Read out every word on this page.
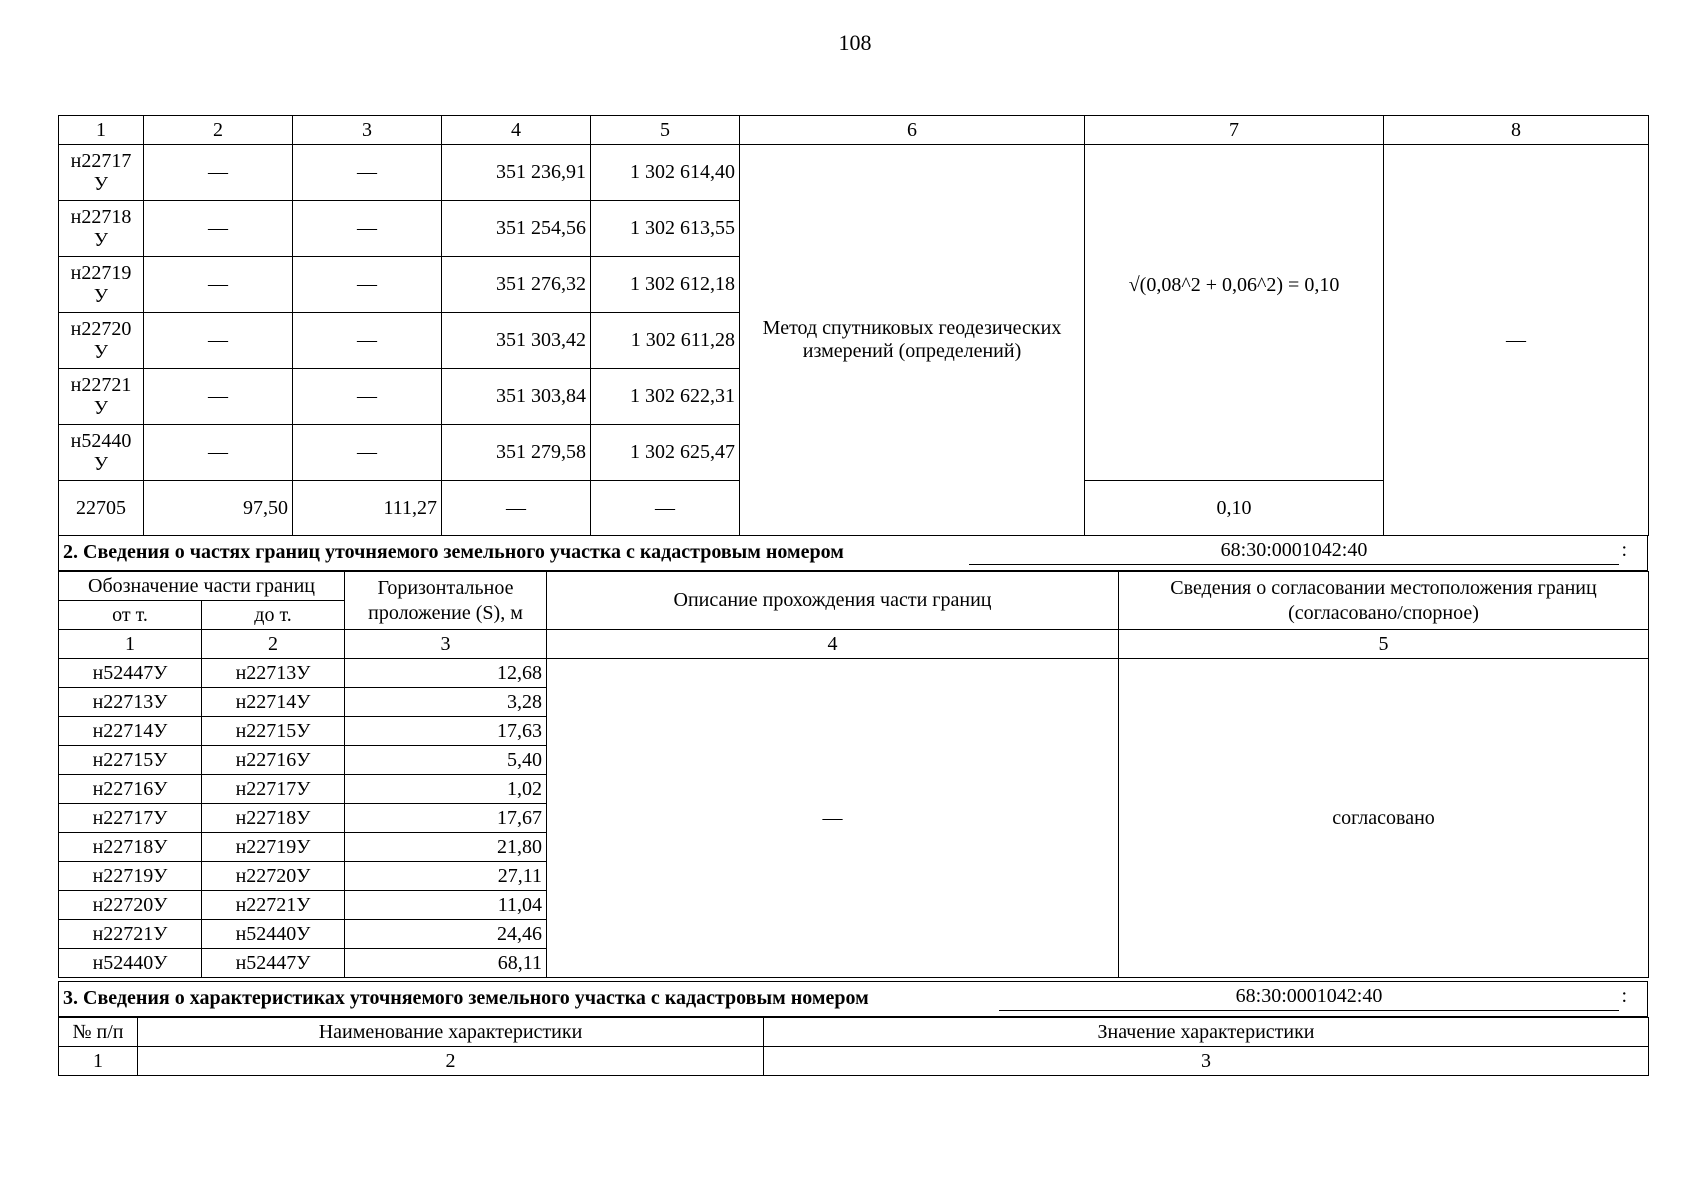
108
1	2	3	4	5	6	7	8
н22717 У	—	—	351 236,91	1 302 614,40	Метод спутниковых геодезических измерений (определений)	√(0,08^2 + 0,06^2) = 0,10	—
н22718 У	—	—	351 254,56	1 302 613,55			
н22719 У	—	—	351 276,32	1 302 612,18			
н22720 У	—	—	351 303,42	1 302 611,28			
н22721 У	—	—	351 303,84	1 302 622,31			
н52440 У	—	—	351 279,58	1 302 625,47			
22705	97,50	111,27	—	—		0,10	
2. Сведения о частях границ уточняемого земельного участка с кадастровым номером	68:30:0001042:40	:
Обозначение части границ		Горизонтальное проложение (S), м	Описание прохождения части границ	Сведения о согласовании местоположения границ (согласовано/спорное)
от т.	до т.			
1	2	3	4	5
н52447У	н22713У	12,68	—	согласовано
н22713У	н22714У	3,28		
н22714У	н22715У	17,63		
н22715У	н22716У	5,40		
н22716У	н22717У	1,02		
н22717У	н22718У	17,67		
н22718У	н22719У	21,80		
н22719У	н22720У	27,11		
н22720У	н22721У	11,04		
н22721У	н52440У	24,46		
н52440У	н52447У	68,11		
3. Сведения о характеристиках уточняемого земельного участка с кадастровым номером	68:30:0001042:40	:
№ п/п	Наименование характеристики	Значение характеристики
1	2	3
